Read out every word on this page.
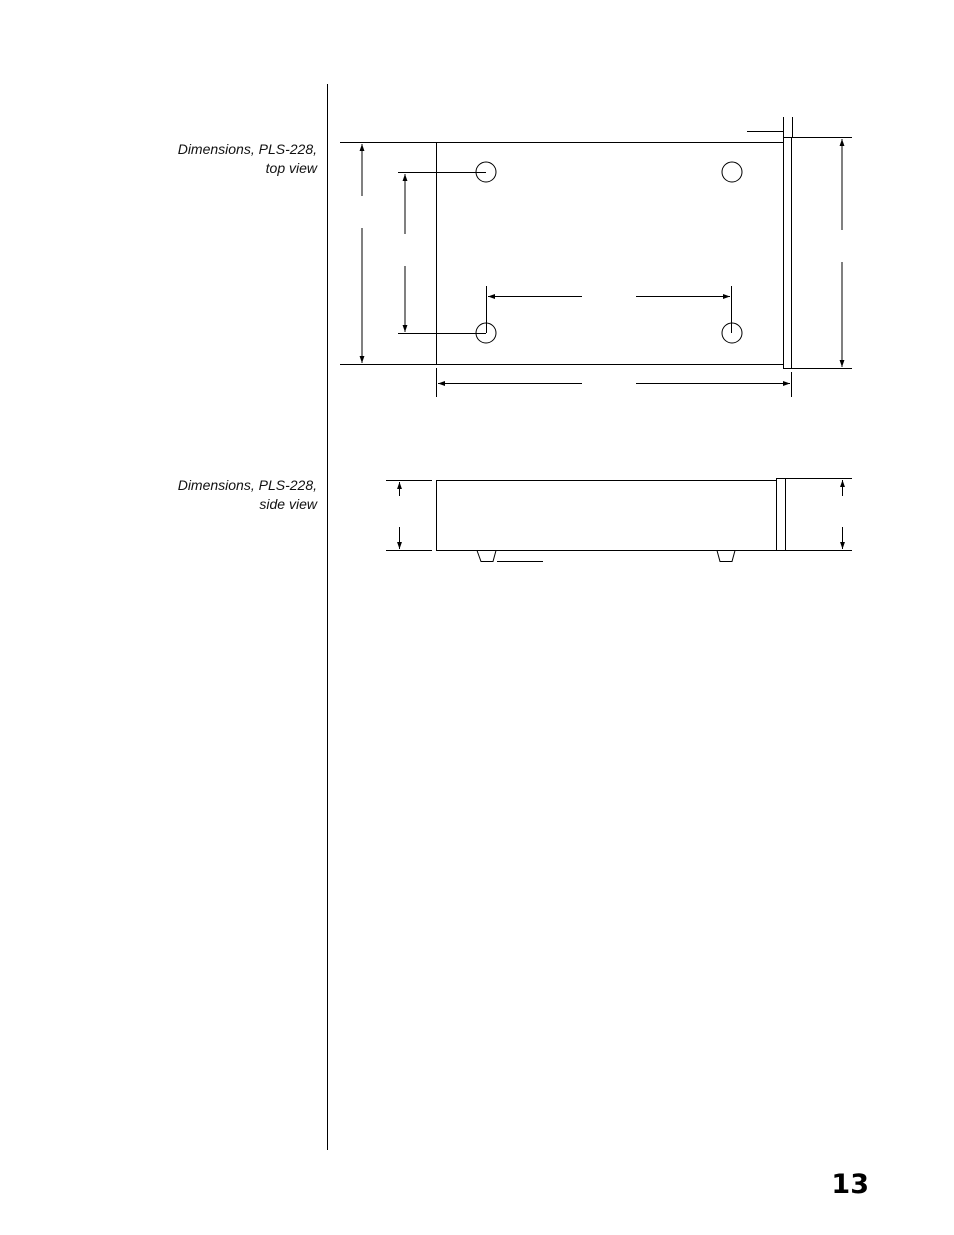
Dimensions, PLS-228,
top view
Dimensions, PLS-228,
side view
13
